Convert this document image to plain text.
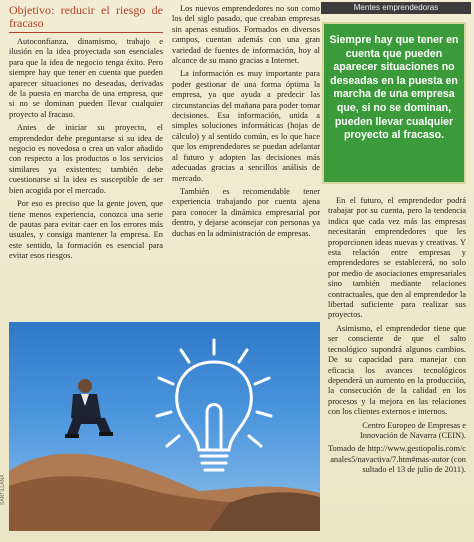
Mentes emprendedoras
Objetivo: reducir el riesgo de fracaso

Autoconfianza, dinamismo, trabajo e ilusión en la idea proyectada son esenciales para que la idea de negocio tenga éxito. Pero siempre hay que tener en cuenta que pueden aparecer situaciones no deseadas, derivadas de la puesta en marcha de una empresa, que si no se dominan pueden llevar cualquier proyecto al fracaso.

Antes de iniciar su proyecto, el emprendedor debe preguntarse si su idea de negocio es novedosa o crea un valor añadido con respecto a los productos o los servicios similares ya existentes; también debe cuestionarse si la idea es susceptible de ser bien acogida por el mercado.

Por eso es preciso que la gente joven, que tiene menos experiencia, conozca una serie de pautas para evitar caer en los errores más usuales, y consiga mantener la empresa. En este sentido, la formación es esencial para evitar esos riesgos.

Los nuevos emprendedores no son como los del siglo pasado, que creaban empresas sin apenas estudios. Formados en diversos campos, cuentan además con una gran variedad de fuentes de información, hoy al alcance de su mano gracias a Internet.

La información es muy importante para poder gestionar de una forma óptima la empresa, ya que ayuda a predecir las circunstancias del mañana para poder tomar decisiones. Esa información, unida a simples soluciones informáticas (hojas de cálculo) y al sentido común, es lo que hace que los emprendedores se puedan adelantar al futuro y adopten las decisiones más adecuadas gracias a sencillos análisis de mercado.

También es recomendable tener experiencia trabajando por cuenta ajena para conocer la dinámica empresarial por dentro, y dejarse aconsejar con personas ya duchas en la administración de empresas.

Siempre hay que tener en cuenta que pueden aparecer situaciones no deseadas en la puesta en marcha de una empresa que, si no se dominan, pueden llevar cualquier proyecto al fracaso.

En el futuro, el emprendedor podrá trabajar por su cuenta, pero la tendencia indica que cada vez más las empresas necesitarán emprendedores que les proporcionen ideas nuevas y creativas. Y esta relación entre empresas y emprendedores se establecerá, no solo por medio de asociaciones empresariales sino también mediante relaciones contractuales, que den al emprendedor la libertad suficiente para realizar sus proyectos.

Asimismo, el emprendedor tiene que ser consciente de que el salto tecnológico supondrá algunos cambios. De su capacidad para manejar con eficacia los avances tecnológicos dependerá un aumento en la producción, la consecución de la calidad en los procesos y la mejora en las relaciones con los clientes externos e internos.

Centro Europeo de Empresas e Innovación de Navarra (CEIN).

Tomado de http://www.gestiopolis.com/canales5/navactiva/7.htm#mas-autor (consultado el 13 de julio de 2011).

SANTILLANA
